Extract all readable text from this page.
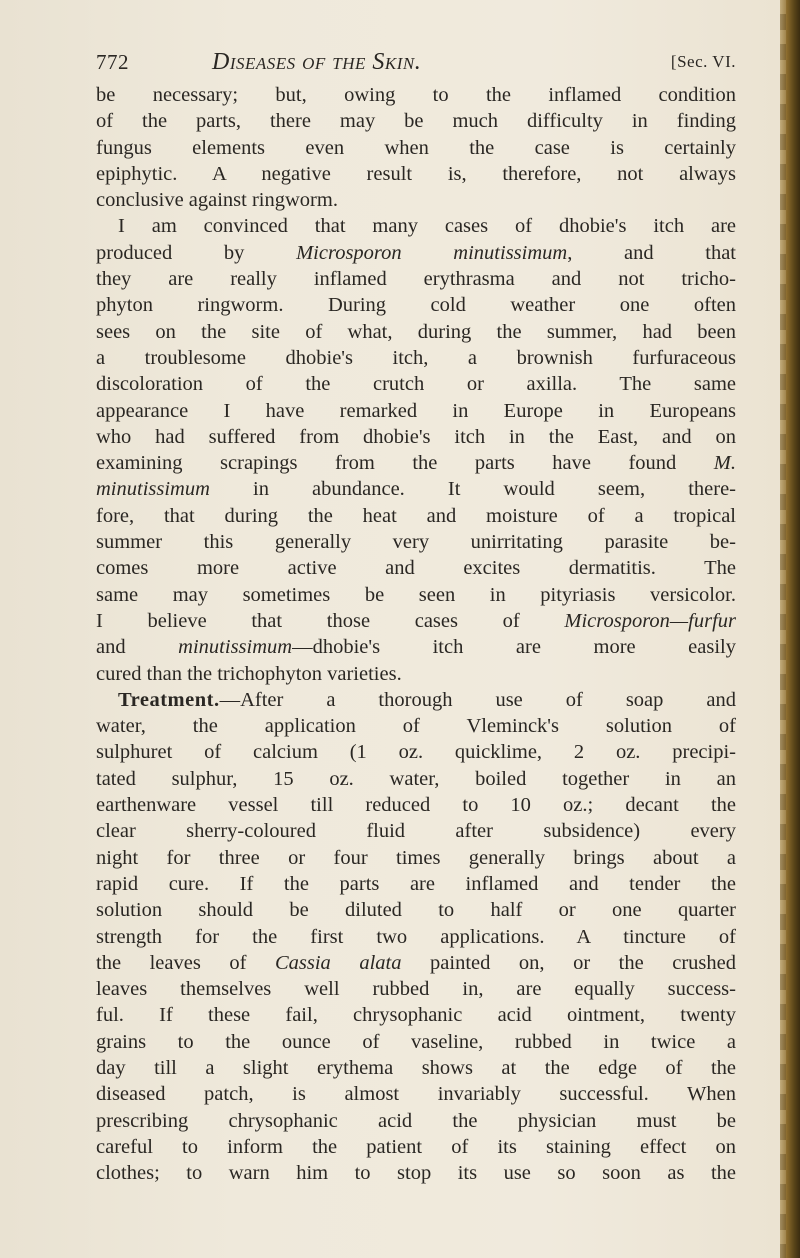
772	Diseases of the Skin.	[Sec. VI.
be necessary; but, owing to the inflamed condition
of the parts, there may be much difficulty in finding
fungus elements even when the case is certainly
epiphytic. A negative result is, therefore, not always
conclusive against ringworm.
I am convinced that many cases of dhobie's itch are
produced by Microsporon minutissimum, and that
they are really inflamed erythrasma and not tricho-
phyton ringworm. During cold weather one often
sees on the site of what, during the summer, had been
a troublesome dhobie's itch, a brownish furfuraceous
discoloration of the crutch or axilla. The same
appearance I have remarked in Europe in Europeans
who had suffered from dhobie's itch in the East, and on
examining scrapings from the parts have found M.
minutissimum in abundance. It would seem, there-
fore, that during the heat and moisture of a tropical
summer this generally very unirritating parasite be-
comes more active and excites dermatitis. The
same may sometimes be seen in pityriasis versicolor.
I believe that those cases of Microsporon—furfur
and minutissimum—dhobie's itch are more easily
cured than the trichophyton varieties.
Treatment.—After a thorough use of soap and
water, the application of Vleminck's solution of
sulphuret of calcium (1 oz. quicklime, 2 oz. precipi-
tated sulphur, 15 oz. water, boiled together in an
earthenware vessel till reduced to 10 oz.; decant the
clear sherry-coloured fluid after subsidence) every
night for three or four times generally brings about a
rapid cure. If the parts are inflamed and tender the
solution should be diluted to half or one quarter
strength for the first two applications. A tincture of
the leaves of Cassia alata painted on, or the crushed
leaves themselves well rubbed in, are equally success-
ful. If these fail, chrysophanic acid ointment, twenty
grains to the ounce of vaseline, rubbed in twice a
day till a slight erythema shows at the edge of the
diseased patch, is almost invariably successful. When
prescribing chrysophanic acid the physician must be
careful to inform the patient of its staining effect on
clothes; to warn him to stop its use so soon as the
